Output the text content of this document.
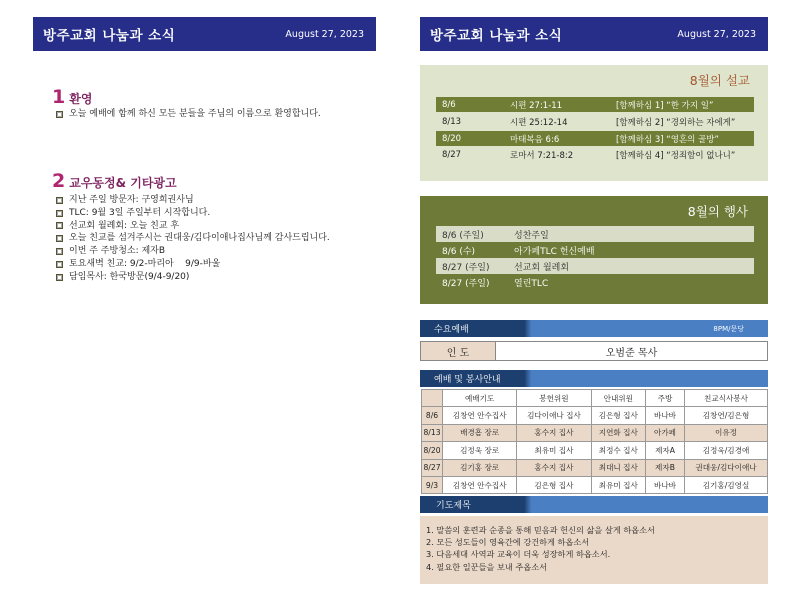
방주교회 나눔과 소식	August 27, 2023
1 환영
오늘 예배에 함께 하신 모든 분들을 주님의 이름으로 환영합니다.
2 교우동정& 기타광고
지난 주일 방문자: 구영희권사님
TLC: 9월 3일 주일부터 시작합니다.
선교회 월례회: 오늘 친교 후
오늘 친교를 섬겨주시는 권대웅/김다이애나집사님께 감사드립니다.
이번 주 주방청소: 제자B
토요새벽 친교: 9/2-마리아    9/9-바울
담임목사: 한국방문(9/4-9/20)
방주교회 나눔과 소식	August 27, 2023
8월의 설교
8/6	시편 27:1-11	[함께하심 1] “한 가지 일”
8/13	시편 25:12-14	[함께하심 2] “경외하는 자에게”
8/20	마태복음 6:6	[함께하심 3] “영혼의 골방”
8/27	로마서 7:21-8:2	[함께하심 4] “정죄함이 없나니”
8월의 행사
8/6 (주일)	성찬주일
8/6 (수)	아가페TLC 헌신예배
8/27 (주일)	선교회 월례회
8/27 (주일)	열린TLC
수요예배	8PM/문당
인 도	오범준 목사
예배 및 봉사안내
	예배기도	봉헌위원	안내위원	주방	친교식사봉사
8/6	김창연 안수집사	김다이애나 집사	김은형 집사	바나바	김창연/김은형
8/13	배경흠 장로	홍수지 집사	지연화 집사	아가페	이유정
8/20	김정욱 장로	최유미 집사	최정수 집사	제자A	김정욱/김경애
8/27	김기홍 장로	홍수지 집사	최대니 집사	제자B	권대웅/김다이애나
9/3	김창연 안수집사	김은형 집사	최유미 집사	바나바	김기홍/김영실
기도제목
1. 말씀의 훈련과 순종을 통해 믿음과 헌신의 삶을 살게 하옵소서
2. 모든 성도들이 영육간에 강건하게 하옵소서
3. 다음세대 사역과 교육이 더욱 성장하게 하옵소서.
4. 필요한 일꾼들을 보내 주옵소서
